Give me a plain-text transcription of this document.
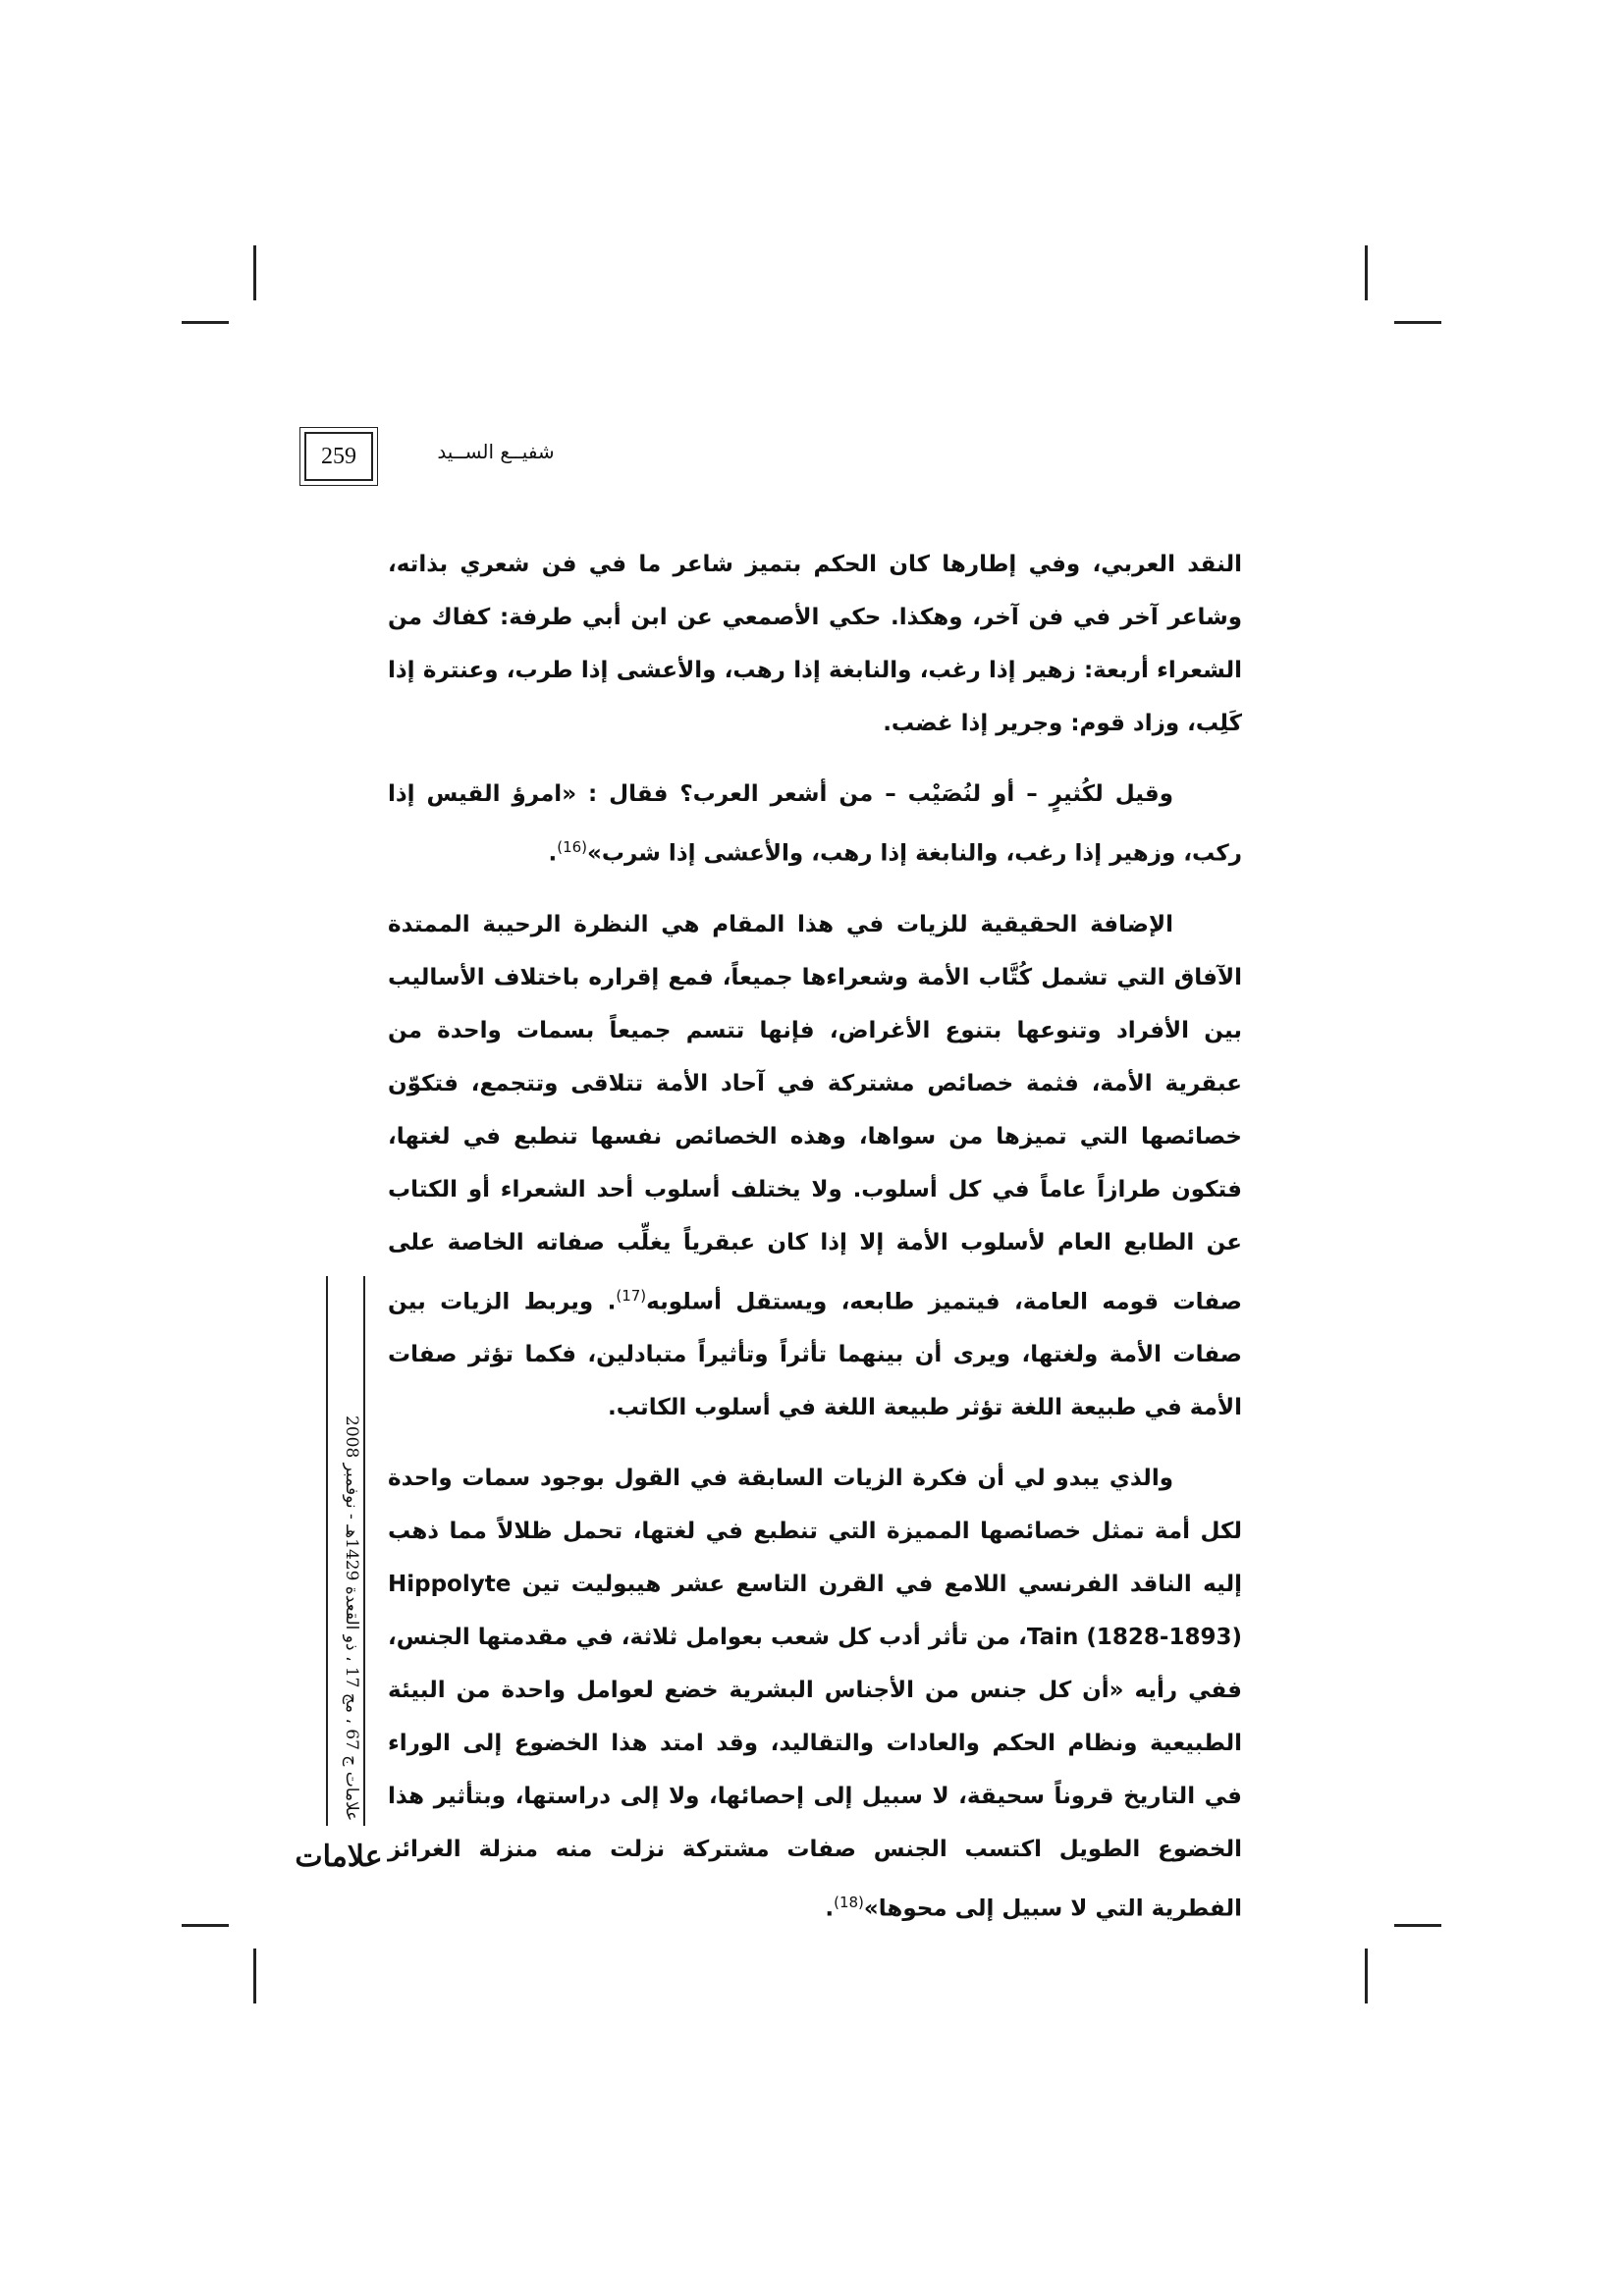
259	شفيــع الســيد

النقد العربي، وفي إطارها كان الحكم بتميز شاعر ما في فن شعري بذاته، وشاعر آخر في فن آخر، وهكذا. حكي الأصمعي عن ابن أبي طرفة: كفاك من الشعراء أربعة: زهير إذا رغب، والنابغة إذا رهب، والأعشى إذا طرب، وعنترة إذا كَلِب، وزاد قوم: وجرير إذا غضب.

وقيل لكُثيرٍ – أو لنُصَيْب – من أشعر العرب؟ فقال : «امرؤ القيس إذا ركب، وزهير إذا رغب، والنابغة إذا رهب، والأعشى إذا شرب»$^{(16)}$.

الإضافة الحقيقية للزيات في هذا المقام هي النظرة الرحيبة الممتدة الآفاق التي تشمل كُتَّاب الأمة وشعراءها جميعاً، فمع إقراره باختلاف الأساليب بين الأفراد وتنوعها بتنوع الأغراض، فإنها تتسم جميعاً بسمات واحدة من عبقرية الأمة، فثمة خصائص مشتركة في آحاد الأمة تتلاقى وتتجمع، فتكوّن خصائصها التي تميزها من سواها، وهذه الخصائص نفسها تنطبع في لغتها، فتكون طرازاً عاماً في كل أسلوب. ولا يختلف أسلوب أحد الشعراء أو الكتاب عن الطابع العام لأسلوب الأمة إلا إذا كان عبقرياً يغلِّب صفاته الخاصة على صفات قومه العامة، فيتميز طابعه، ويستقل أسلوبه$^{(17)}$. ويربط الزيات بين صفات الأمة ولغتها، ويرى أن بينهما تأثراً وتأثيراً متبادلين، فكما تؤثر صفات الأمة في طبيعة اللغة تؤثر طبيعة اللغة في أسلوب الكاتب.

والذي يبدو لي أن فكرة الزيات السابقة في القول بوجود سمات واحدة لكل أمة تمثل خصائصها المميزة التي تنطبع في لغتها، تحمل ظلالاً مما ذهب إليه الناقد الفرنسي اللامع في القرن التاسع عشر هيبوليت تين Hippolyte Tain (1828-1893)، من تأثر أدب كل شعب بعوامل ثلاثة، في مقدمتها الجنس، ففي رأيه «أن كل جنس من الأجناس البشرية خضع لعوامل واحدة من البيئة الطبيعية ونظام الحكم والعادات والتقاليد، وقد امتد هذا الخضوع إلى الوراء في التاريخ قروناً سحيقة، لا سبيل إلى إحصائها، ولا إلى دراستها، وبتأثير هذا الخضوع الطويل اكتسب الجنس صفات مشتركة نزلت منه منزلة الغرائز الفطرية التي لا سبيل إلى محوها»$^{(18)}$.

علامات ج 67 ، مج 17 ، ذو القعدة 1429هـ - نوفمبر 2008
علامات
